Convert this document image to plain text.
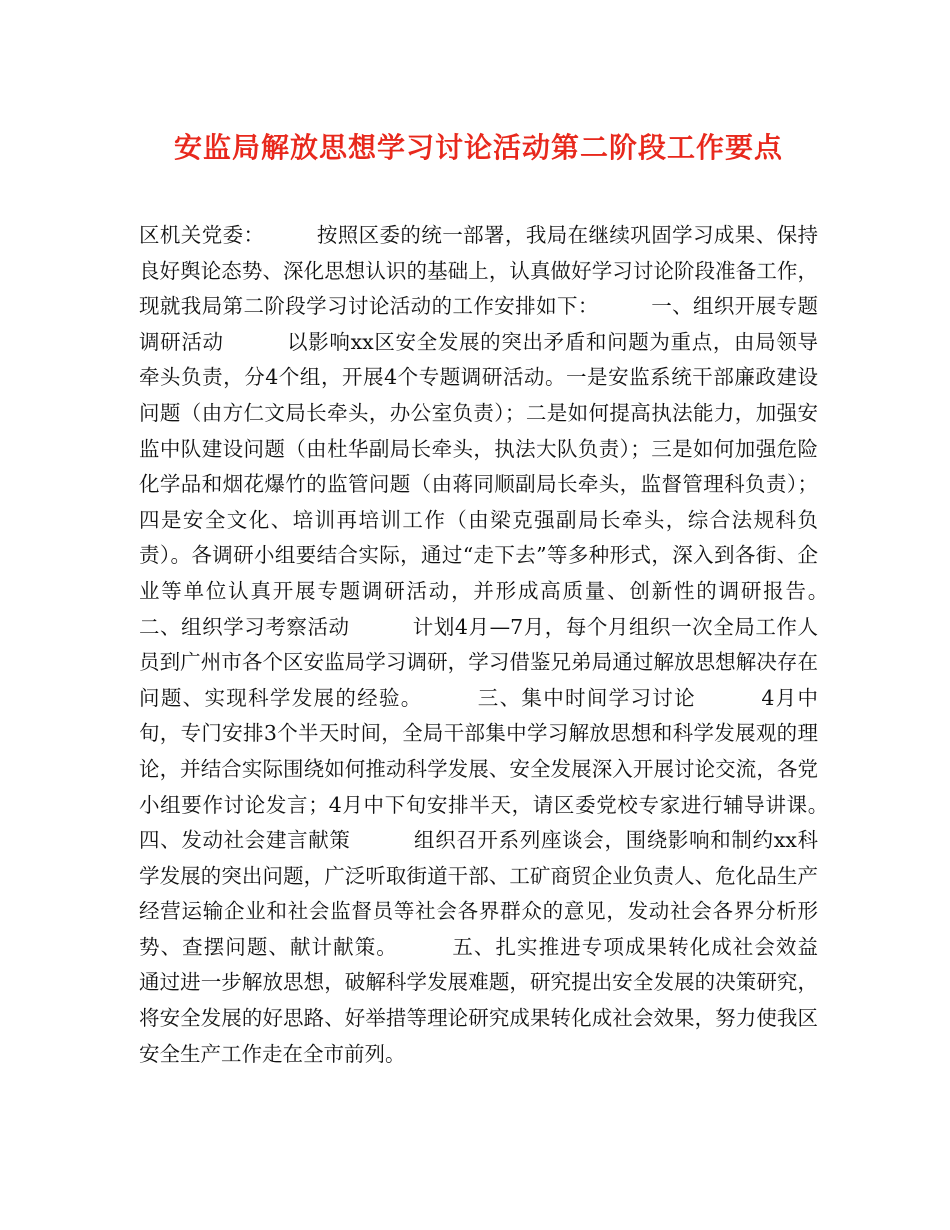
安监局解放思想学习讨论活动第二阶段工作要点

区机关党委：　　　按照区委的统一部署，我局在继续巩固学习成果、保持良好舆论态势、深化思想认识的基础上，认真做好学习讨论阶段准备工作，现就我局第二阶段学习讨论活动的工作安排如下：　　　一、组织开展专题调研活动　　　以影响xx区安全发展的突出矛盾和问题为重点，由局领导牵头负责，分4个组，开展4个专题调研活动。一是安监系统干部廉政建设问题（由方仁文局长牵头，办公室负责）；二是如何提高执法能力，加强安监中队建设问题（由杜华副局长牵头，执法大队负责）；三是如何加强危险化学品和烟花爆竹的监管问题（由蒋同顺副局长牵头，监督管理科负责）；四是安全文化、培训再培训工作（由梁克强副局长牵头，综合法规科负责）。各调研小组要结合实际，通过“走下去”等多种形式，深入到各街、企业等单位认真开展专题调研活动，并形成高质量、创新性的调研报告。　　　二、组织学习考察活动　　　计划4月—7月，每个月组织一次全局工作人员到广州市各个区安监局学习调研，学习借鉴兄弟局通过解放思想解决存在问题、实现科学发展的经验。　　　三、集中时间学习讨论　　　4月中旬，专门安排3个半天时间，全局干部集中学习解放思想和科学发展观的理论，并结合实际围绕如何推动科学发展、安全发展深入开展讨论交流，各党小组要作讨论发言；4月中下旬安排半天，请区委党校专家进行辅导讲课。　　　四、发动社会建言献策　　　组织召开系列座谈会，围绕影响和制约xx科学发展的突出问题，广泛听取街道干部、工矿商贸企业负责人、危化品生产经营运输企业和社会监督员等社会各界群众的意见，发动社会各界分析形势、查摆问题、献计献策。　　　五、扎实推进专项成果转化成社会效益　　　通过进一步解放思想，破解科学发展难题，研究提出安全发展的决策研究，将安全发展的好思路、好举措等理论研究成果转化成社会效果，努力使我区安全生产工作走在全市前列。
